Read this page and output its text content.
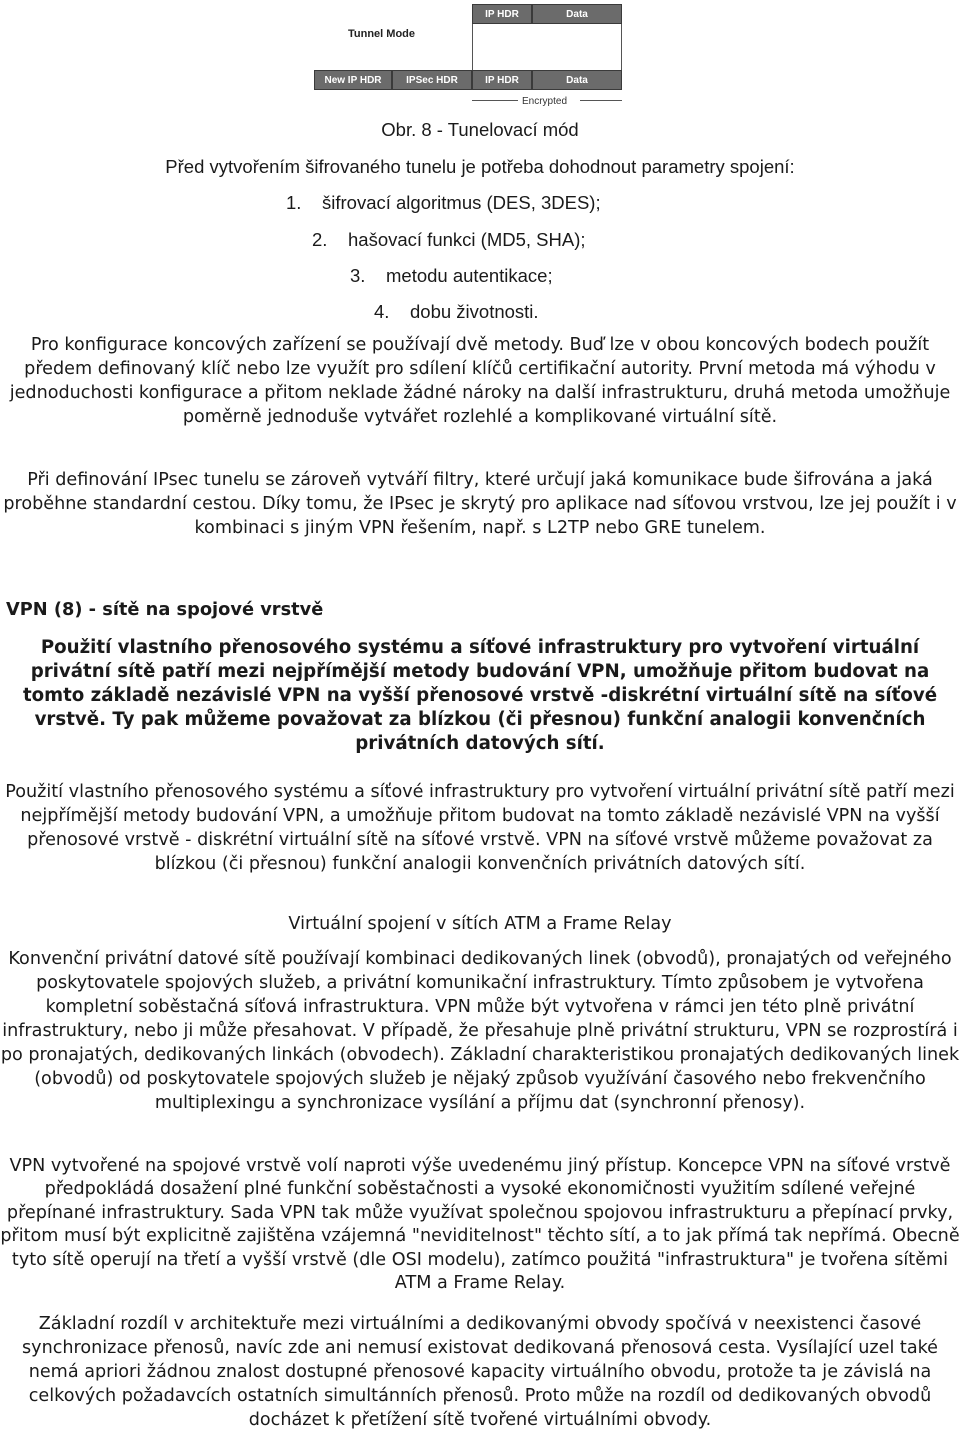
Tunnel Mode
IP HDR	Data
New IP HDR	IPSec HDR	IP HDR	Data
Encrypted
Obr. 8 - Tunelovací mód
Před vytvořením šifrovaného tunelu je potřeba dohodnout parametry spojení:
1. šifrovací algoritmus (DES, 3DES);
2. hašovací funkci (MD5, SHA);
3. metodu autentikace;
4. dobu životnosti.
Pro konfigurace koncových zařízení se používají dvě metody. Buď lze v obou koncových bodech použít předem definovaný klíč nebo lze využít pro sdílení klíčů certifikační autority. První metoda má výhodu v jednoduchosti konfigurace a přitom neklade žádné nároky na další infrastrukturu, druhá metoda umožňuje poměrně jednoduše vytvářet rozlehlé a komplikované virtuální sítě.
Při definování IPsec tunelu se zároveň vytváří filtry, které určují jaká komunikace bude šifrována a jaká proběhne standardní cestou. Díky tomu, že IPsec je skrytý pro aplikace nad síťovou vrstvou, lze jej použít i v kombinaci s jiným VPN řešením, např. s L2TP nebo GRE tunelem.
VPN (8) - sítě na spojové vrstvě
Použití vlastního přenosového systému a síťové infrastruktury pro vytvoření virtuální privátní sítě patří mezi nejpřímější metody budování VPN, umožňuje přitom budovat na tomto základě nezávislé VPN na vyšší přenosové vrstvě -diskrétní virtuální sítě na síťové vrstvě. Ty pak můžeme považovat za blízkou (či přesnou) funkční analogii konvenčních privátních datových sítí.
Použití vlastního přenosového systému a síťové infrastruktury pro vytvoření virtuální privátní sítě patří mezi nejpřímější metody budování VPN, a umožňuje přitom budovat na tomto základě nezávislé VPN na vyšší přenosové vrstvě - diskrétní virtuální sítě na síťové vrstvě. VPN na síťové vrstvě můžeme považovat za blízkou (či přesnou) funkční analogii konvenčních privátních datových sítí.
Virtuální spojení v sítích ATM a Frame Relay
Konvenční privátní datové sítě používají kombinaci dedikovaných linek (obvodů), pronajatých od veřejného poskytovatele spojových služeb, a privátní komunikační infrastruktury. Tímto způsobem je vytvořena kompletní soběstačná síťová infrastruktura. VPN může být vytvořena v rámci jen této plně privátní infrastruktury, nebo ji může přesahovat. V případě, že přesahuje plně privátní strukturu, VPN se rozprostírá i po pronajatých, dedikovaných linkách (obvodech). Základní charakteristikou pronajatých dedikovaných linek (obvodů) od poskytovatele spojových služeb je nějaký způsob využívání časového nebo frekvenčního multiplexingu a synchronizace vysílání a příjmu dat (synchronní přenosy).
VPN vytvořené na spojové vrstvě volí naproti výše uvedenému jiný přístup. Koncepce VPN na síťové vrstvě předpokládá dosažení plné funkční soběstačnosti a vysoké ekonomičnosti využitím sdílené veřejné přepínané infrastruktury. Sada VPN tak může využívat společnou spojovou infrastrukturu a přepínací prvky, přitom musí být explicitně zajištěna vzájemná "neviditelnost" těchto sítí, a to jak přímá tak nepřímá. Obecně tyto sítě operují na třetí a vyšší vrstvě (dle OSI modelu), zatímco použitá "infrastruktura" je tvořena sítěmi ATM a Frame Relay.
Základní rozdíl v architektuře mezi virtuálními a dedikovanými obvody spočívá v neexistenci časové synchronizace přenosů, navíc zde ani nemusí existovat dedikovaná přenosová cesta. Vysílající uzel také nemá apriori žádnou znalost dostupné přenosové kapacity virtuálního obvodu, protože ta je závislá na celkových požadavcích ostatních simultánních přenosů. Proto může na rozdíl od dedikovaných obvodů docházet k přetížení sítě tvořené virtuálními obvody.
